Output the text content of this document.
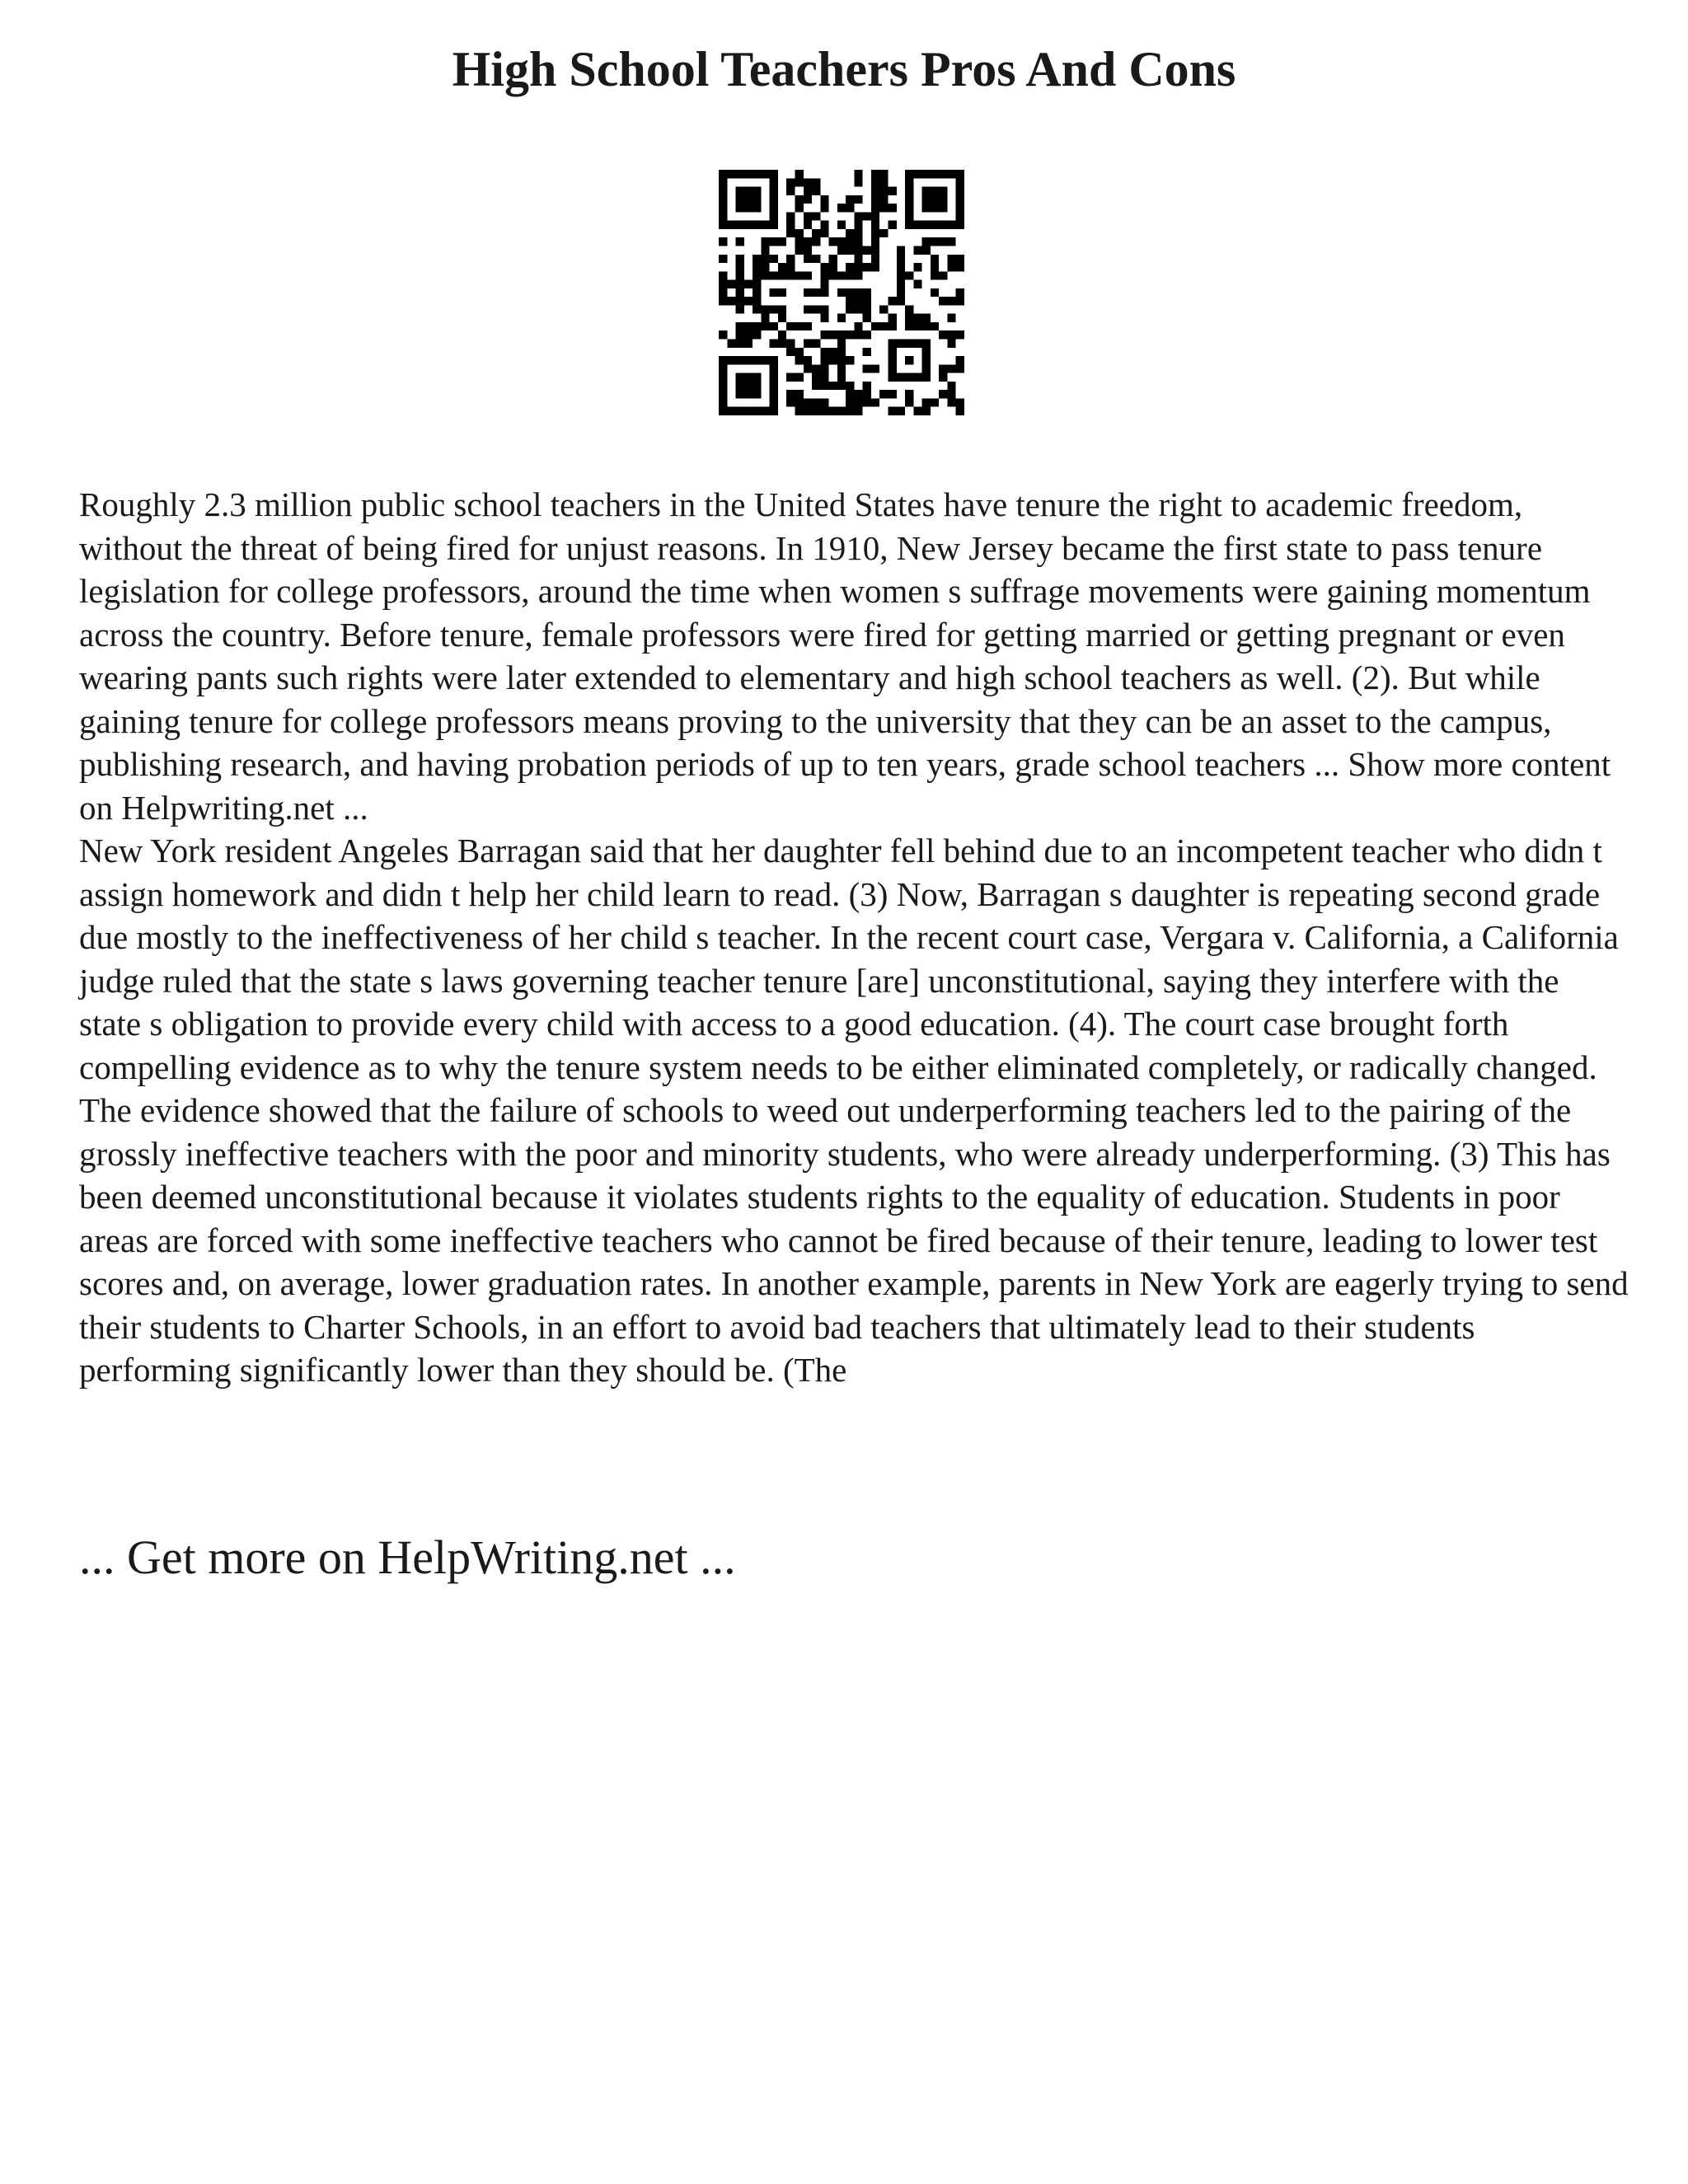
High School Teachers Pros And Cons

Roughly 2.3 million public school teachers in the United States have tenure the right to academic freedom, without the threat of being fired for unjust reasons. In 1910, New Jersey became the first state to pass tenure legislation for college professors, around the time when women s suffrage movements were gaining momentum across the country. Before tenure, female professors were fired for getting married or getting pregnant or even wearing pants such rights were later extended to elementary and high school teachers as well. (2). But while gaining tenure for college professors means proving to the university that they can be an asset to the campus, publishing research, and having probation periods of up to ten years, grade school teachers ... Show more content on Helpwriting.net ...

New York resident Angeles Barragan said that her daughter fell behind due to an incompetent teacher who didn t assign homework and didn t help her child learn to read. (3) Now, Barragan s daughter is repeating second grade due mostly to the ineffectiveness of her child s teacher. In the recent court case, Vergara v. California, a California judge ruled that the state s laws governing teacher tenure [are] unconstitutional, saying they interfere with the state s obligation to provide every child with access to a good education. (4). The court case brought forth compelling evidence as to why the tenure system needs to be either eliminated completely, or radically changed. The evidence showed that the failure of schools to weed out underperforming teachers led to the pairing of the grossly ineffective teachers with the poor and minority students, who were already underperforming. (3) This has been deemed unconstitutional because it violates students rights to the equality of education. Students in poor areas are forced with some ineffective teachers who cannot be fired because of their tenure, leading to lower test scores and, on average, lower graduation rates. In another example, parents in New York are eagerly trying to send their students to Charter Schools, in an effort to avoid bad teachers that ultimately lead to their students performing significantly lower than they should be. (The

... Get more on HelpWriting.net ...
